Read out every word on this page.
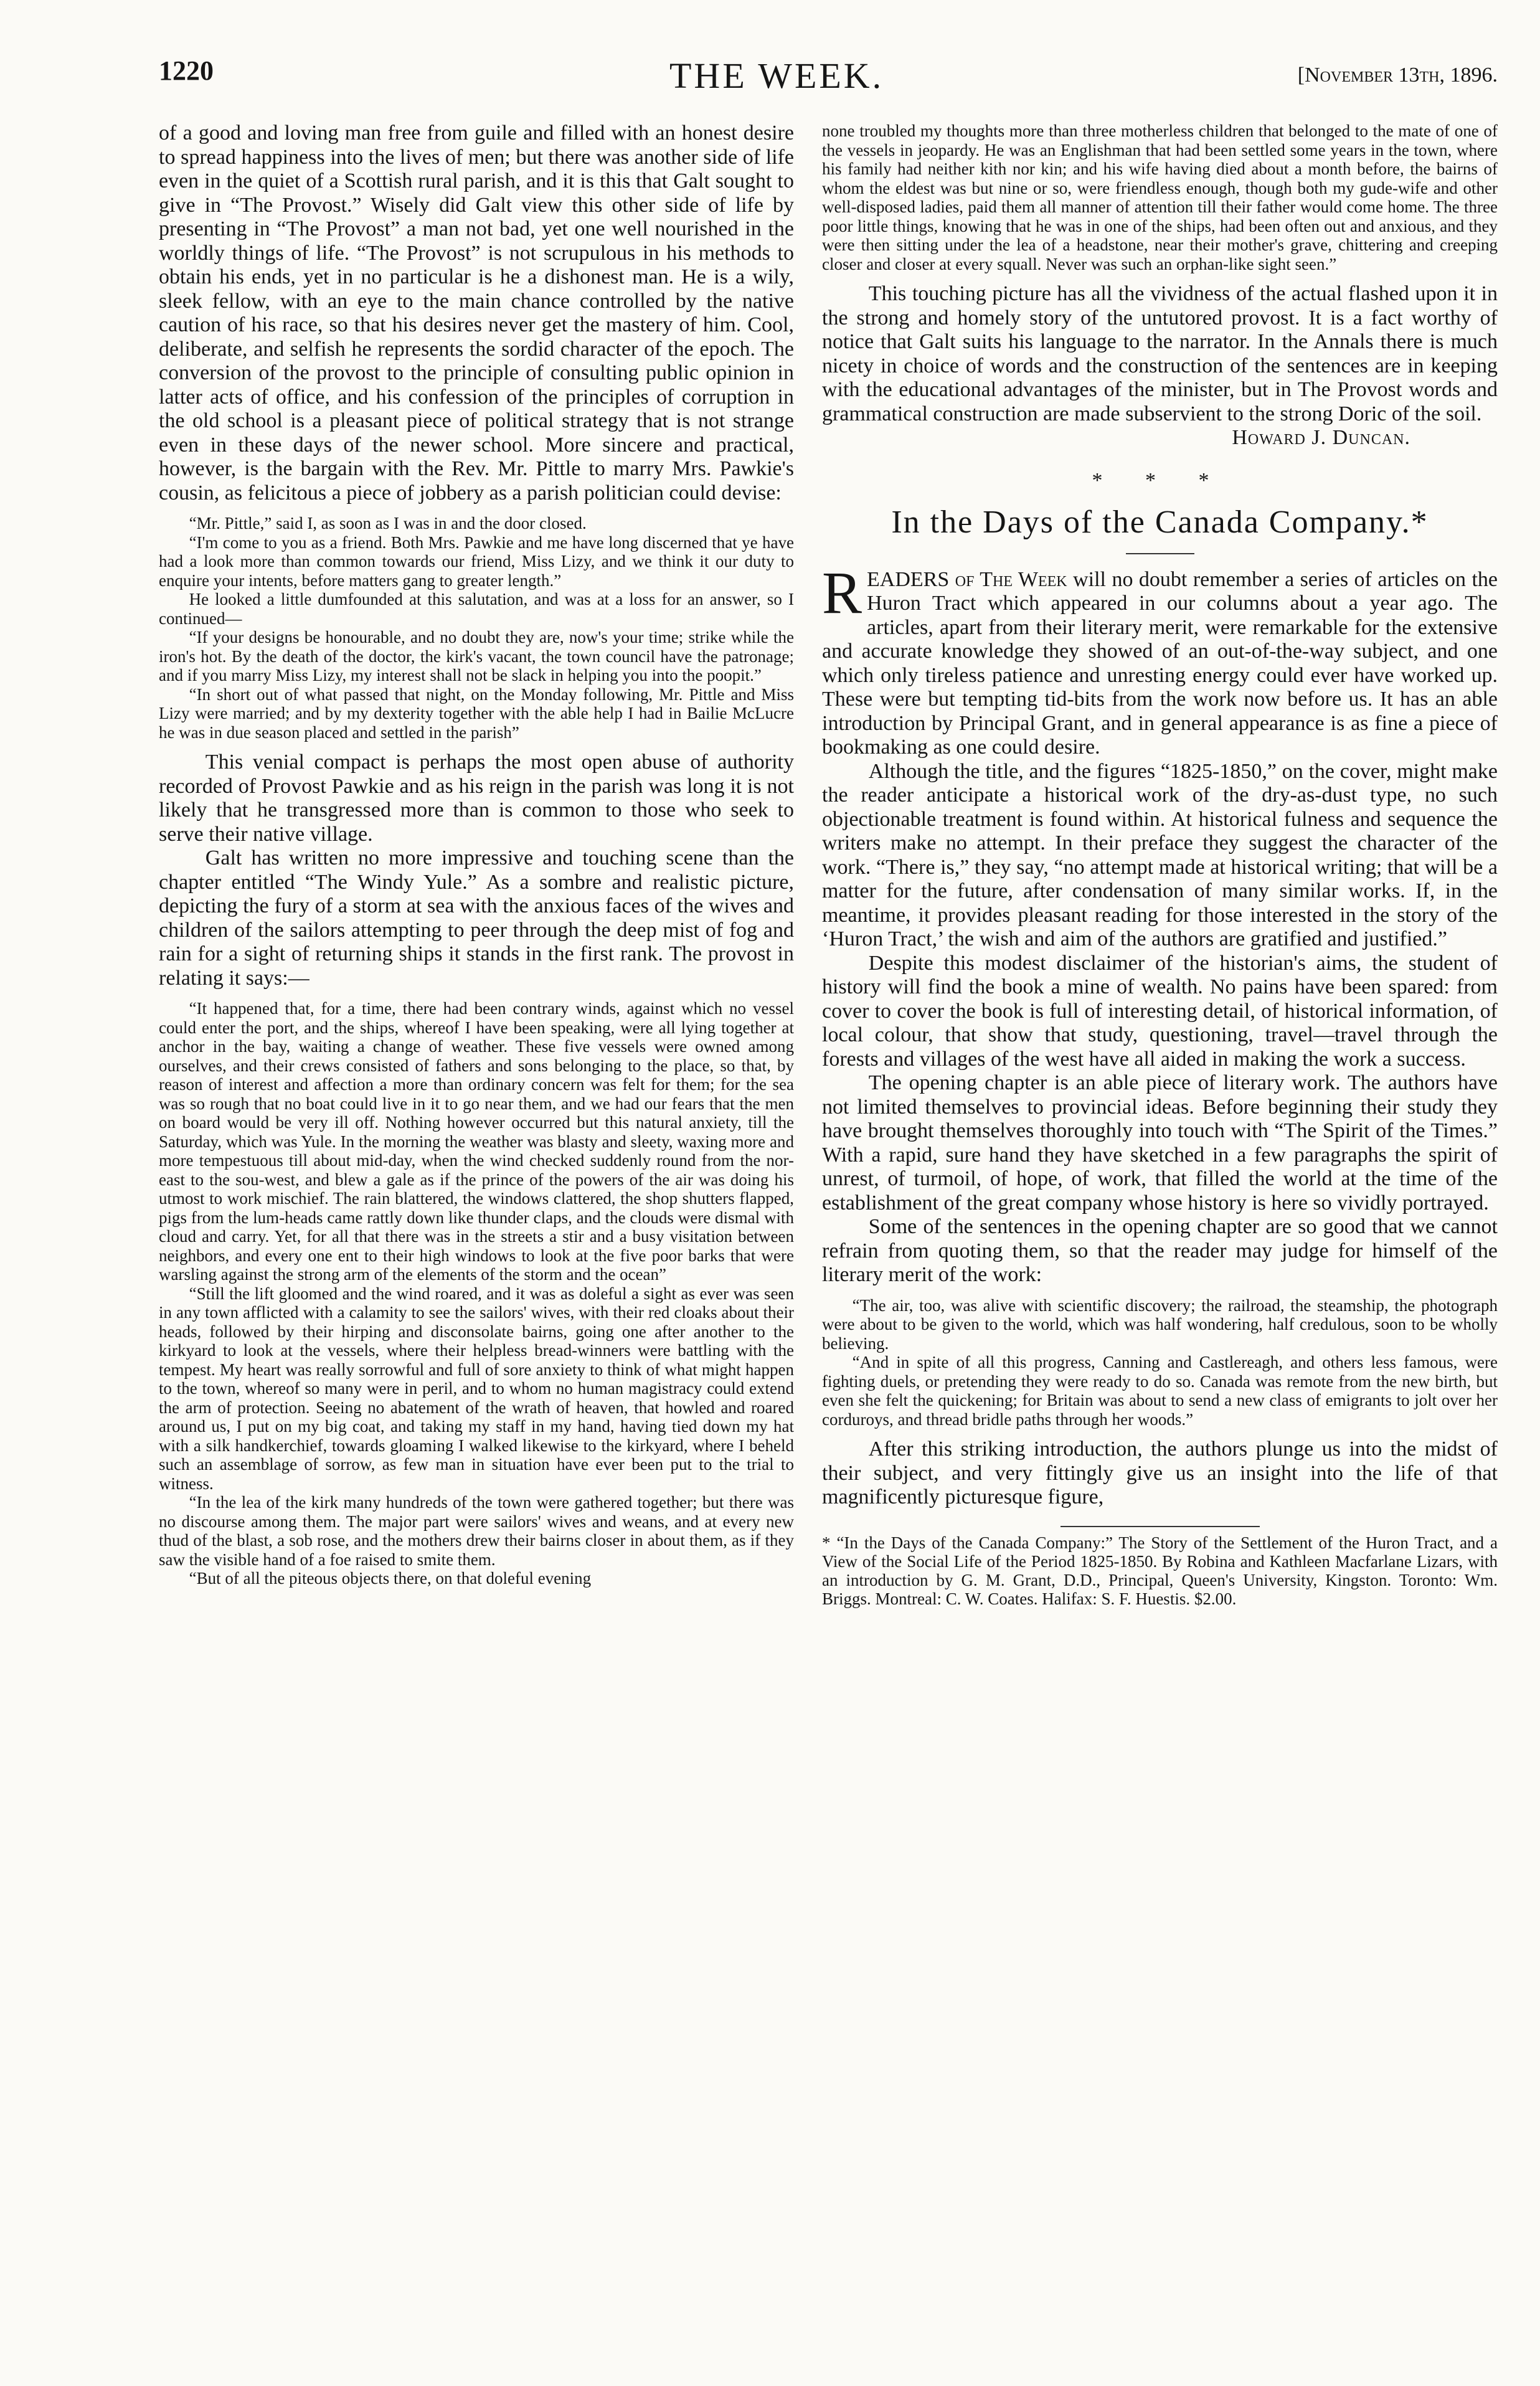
1220	THE WEEK.	[November 13th, 1896.

of a good and loving man free from guile and filled with an honest desire to spread happiness into the lives of men; but there was another side of life even in the quiet of a Scottish rural parish, and it is this that Galt sought to give in “The Provost.” Wisely did Galt view this other side of life by presenting in “The Provost” a man not bad, yet one well nourished in the worldly things of life. “The Provost” is not scrupulous in his methods to obtain his ends, yet in no particular is he a dishonest man. He is a wily, sleek fellow, with an eye to the main chance controlled by the native caution of his race, so that his desires never get the mastery of him. Cool, deliberate, and selfish he represents the sordid character of the epoch. The conversion of the provost to the principle of consulting public opinion in latter acts of office, and his confession of the principles of corruption in the old school is a pleasant piece of political strategy that is not strange even in these days of the newer school. More sincere and practical, however, is the bargain with the Rev. Mr. Pittle to marry Mrs. Pawkie's cousin, as felicitous a piece of jobbery as a parish politician could devise:

“Mr. Pittle,” said I, as soon as I was in and the door closed.

“I'm come to you as a friend. Both Mrs. Pawkie and me have long discerned that ye have had a look more than common towards our friend, Miss Lizy, and we think it our duty to enquire your intents, before matters gang to greater length.”

He looked a little dumfounded at this salutation, and was at a loss for an answer, so I continued—

“If your designs be honourable, and no doubt they are, now's your time; strike while the iron's hot. By the death of the doctor, the kirk's vacant, the town council have the patronage; and if you marry Miss Lizy, my interest shall not be slack in helping you into the poopit.”

“In short out of what passed that night, on the Monday following, Mr. Pittle and Miss Lizy were married; and by my dexterity together with the able help I had in Bailie McLucre he was in due season placed and settled in the parish”

This venial compact is perhaps the most open abuse of authority recorded of Provost Pawkie and as his reign in the parish was long it is not likely that he transgressed more than is common to those who seek to serve their native village.

Galt has written no more impressive and touching scene than the chapter entitled “The Windy Yule.” As a sombre and realistic picture, depicting the fury of a storm at sea with the anxious faces of the wives and children of the sailors attempting to peer through the deep mist of fog and rain for a sight of returning ships it stands in the first rank. The provost in relating it says:—

“It happened that, for a time, there had been contrary winds, against which no vessel could enter the port, and the ships, whereof I have been speaking, were all lying together at anchor in the bay, waiting a change of weather. These five vessels were owned among ourselves, and their crews consisted of fathers and sons belonging to the place, so that, by reason of interest and affection a more than ordinary concern was felt for them; for the sea was so rough that no boat could live in it to go near them, and we had our fears that the men on board would be very ill off. Nothing however occurred but this natural anxiety, till the Saturday, which was Yule. In the morning the weather was blasty and sleety, waxing more and more tempestuous till about mid-day, when the wind checked suddenly round from the nor-east to the sou-west, and blew a gale as if the prince of the powers of the air was doing his utmost to work mischief. The rain blattered, the windows clattered, the shop shutters flapped, pigs from the lum-heads came rattly down like thunder claps, and the clouds were dismal with cloud and carry. Yet, for all that there was in the streets a stir and a busy visitation between neighbors, and every one ent to their high windows to look at the five poor barks that were warsling against the strong arm of the elements of the storm and the ocean”

“Still the lift gloomed and the wind roared, and it was as doleful a sight as ever was seen in any town afflicted with a calamity to see the sailors' wives, with their red cloaks about their heads, followed by their hirping and disconsolate bairns, going one after another to the kirkyard to look at the vessels, where their helpless bread-winners were battling with the tempest. My heart was really sorrowful and full of sore anxiety to think of what might happen to the town, whereof so many were in peril, and to whom no human magistracy could extend the arm of protection. Seeing no abatement of the wrath of heaven, that howled and roared around us, I put on my big coat, and taking my staff in my hand, having tied down my hat with a silk handkerchief, towards gloaming I walked likewise to the kirkyard, where I beheld such an assemblage of sorrow, as few man in situation have ever been put to the trial to witness.

“In the lea of the kirk many hundreds of the town were gathered together; but there was no discourse among them. The major part were sailors' wives and weans, and at every new thud of the blast, a sob rose, and the mothers drew their bairns closer in about them, as if they saw the visible hand of a foe raised to smite them.

“But of all the piteous objects there, on that doleful evening

none troubled my thoughts more than three motherless children that belonged to the mate of one of the vessels in jeopardy. He was an Englishman that had been settled some years in the town, where his family had neither kith nor kin; and his wife having died about a month before, the bairns of whom the eldest was but nine or so, were friendless enough, though both my gude-wife and other well-disposed ladies, paid them all manner of attention till their father would come home. The three poor little things, knowing that he was in one of the ships, had been often out and anxious, and they were then sitting under the lea of a headstone, near their mother's grave, chittering and creeping closer and closer at every squall. Never was such an orphan-like sight seen.”

This touching picture has all the vividness of the actual flashed upon it in the strong and homely story of the untutored provost. It is a fact worthy of notice that Galt suits his language to the narrator. In the Annals there is much nicety in choice of words and the construction of the sentences are in keeping with the educational advantages of the minister, but in The Provost words and grammatical construction are made subservient to the strong Doric of the soil.

Howard J. Duncan.

* * *
In the Days of the Canada Company.*

READERS of The Week will no doubt remember a series of articles on the Huron Tract which appeared in our columns about a year ago. The articles, apart from their literary merit, were remarkable for the extensive and accurate knowledge they showed of an out-of-the-way subject, and one which only tireless patience and unresting energy could ever have worked up. These were but tempting tid-bits from the work now before us. It has an able introduction by Principal Grant, and in general appearance is as fine a piece of bookmaking as one could desire.

Although the title, and the figures “1825-1850,” on the cover, might make the reader anticipate a historical work of the dry-as-dust type, no such objectionable treatment is found within. At historical fulness and sequence the writers make no attempt. In their preface they suggest the character of the work. “There is,” they say, “no attempt made at historical writing; that will be a matter for the future, after condensation of many similar works. If, in the meantime, it provides pleasant reading for those interested in the story of the ‘Huron Tract,’ the wish and aim of the authors are gratified and justified.”

Despite this modest disclaimer of the historian's aims, the student of history will find the book a mine of wealth. No pains have been spared: from cover to cover the book is full of interesting detail, of historical information, of local colour, that show that study, questioning, travel—travel through the forests and villages of the west have all aided in making the work a success.

The opening chapter is an able piece of literary work. The authors have not limited themselves to provincial ideas. Before beginning their study they have brought themselves thoroughly into touch with “The Spirit of the Times.” With a rapid, sure hand they have sketched in a few paragraphs the spirit of unrest, of turmoil, of hope, of work, that filled the world at the time of the establishment of the great company whose history is here so vividly portrayed.

Some of the sentences in the opening chapter are so good that we cannot refrain from quoting them, so that the reader may judge for himself of the literary merit of the work:

“The air, too, was alive with scientific discovery; the railroad, the steamship, the photograph were about to be given to the world, which was half wondering, half credulous, soon to be wholly believing.

“And in spite of all this progress, Canning and Castlereagh, and others less famous, were fighting duels, or pretending they were ready to do so. Canada was remote from the new birth, but even she felt the quickening; for Britain was about to send a new class of emigrants to jolt over her corduroys, and thread bridle paths through her woods.”

After this striking introduction, the authors plunge us into the midst of their subject, and very fittingly give us an insight into the life of that magnificently picturesque figure,

* “In the Days of the Canada Company:” The Story of the Settlement of the Huron Tract, and a View of the Social Life of the Period 1825-1850. By Robina and Kathleen Macfarlane Lizars, with an introduction by G. M. Grant, D.D., Principal, Queen's University, Kingston. Toronto: Wm. Briggs. Montreal: C. W. Coates. Halifax: S. F. Huestis. $2.00.
